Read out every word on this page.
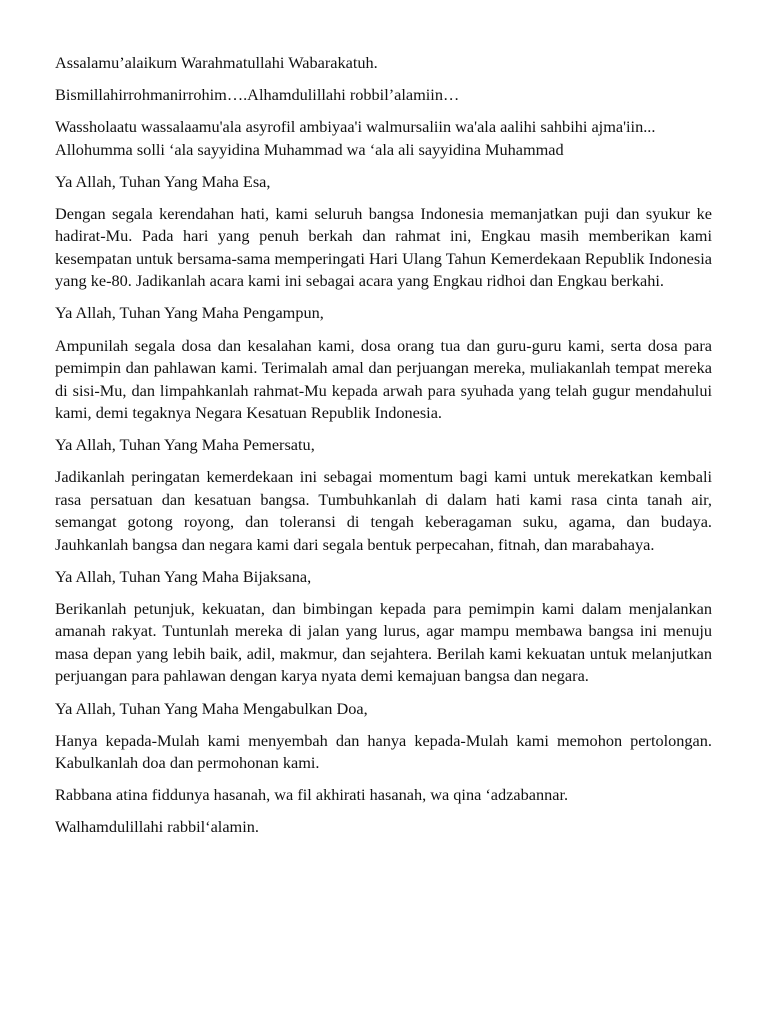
Assalamu’alaikum Warahmatullahi Wabarakatuh.

Bismillahirrohmanirrohim….Alhamdulillahi robbil’alamiin…

Wassholaatu wassalaamu'ala asyrofil ambiyaa'i walmursaliin wa'ala aalihi sahbihi ajma'iin...

Allohumma solli ‘ala sayyidina Muhammad wa ‘ala ali sayyidina Muhammad

Ya Allah, Tuhan Yang Maha Esa,

Dengan segala kerendahan hati, kami seluruh bangsa Indonesia memanjatkan puji dan syukur ke hadirat-Mu. Pada hari yang penuh berkah dan rahmat ini, Engkau masih memberikan kami kesempatan untuk bersama-sama memperingati Hari Ulang Tahun Kemerdekaan Republik Indonesia yang ke-80. Jadikanlah acara kami ini sebagai acara yang Engkau ridhoi dan Engkau berkahi.

Ya Allah, Tuhan Yang Maha Pengampun,

Ampunilah segala dosa dan kesalahan kami, dosa orang tua dan guru-guru kami, serta dosa para pemimpin dan pahlawan kami. Terimalah amal dan perjuangan mereka, muliakanlah tempat mereka di sisi-Mu, dan limpahkanlah rahmat-Mu kepada arwah para syuhada yang telah gugur mendahului kami, demi tegaknya Negara Kesatuan Republik Indonesia.

Ya Allah, Tuhan Yang Maha Pemersatu,

Jadikanlah peringatan kemerdekaan ini sebagai momentum bagi kami untuk merekatkan kembali rasa persatuan dan kesatuan bangsa. Tumbuhkanlah di dalam hati kami rasa cinta tanah air, semangat gotong royong, dan toleransi di tengah keberagaman suku, agama, dan budaya. Jauhkanlah bangsa dan negara kami dari segala bentuk perpecahan, fitnah, dan marabahaya.

Ya Allah, Tuhan Yang Maha Bijaksana,

Berikanlah petunjuk, kekuatan, dan bimbingan kepada para pemimpin kami dalam menjalankan amanah rakyat. Tuntunlah mereka di jalan yang lurus, agar mampu membawa bangsa ini menuju masa depan yang lebih baik, adil, makmur, dan sejahtera. Berilah kami kekuatan untuk melanjutkan perjuangan para pahlawan dengan karya nyata demi kemajuan bangsa dan negara.

Ya Allah, Tuhan Yang Maha Mengabulkan Doa,

Hanya kepada-Mulah kami menyembah dan hanya kepada-Mulah kami memohon pertolongan. Kabulkanlah doa dan permohonan kami.

Rabbana atina fiddunya hasanah, wa fil akhirati hasanah, wa qina ‘adzabannar.

Walhamdulillahi rabbil‘alamin.
